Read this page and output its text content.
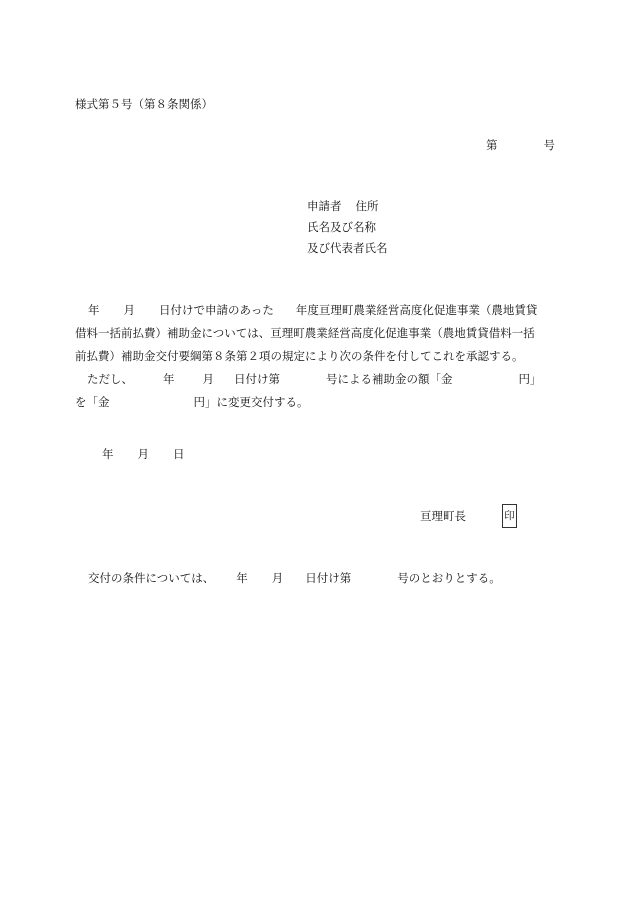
様式第５号（第８条関係）
第	号
申請者 住所
氏名及び名称
及び代表者氏名
年 月 日付けで申請のあった 年度亘理町農業経営高度化促進事業（農地賃貸
借料一括前払費）補助金については、亘理町農業経営高度化促進事業（農地賃貸借料一括
前払費）補助金交付要綱第８条第２項の規定により次の条件を付してこれを承認する。
ただし、	年 月 日付け第	号による補助金の額「金	円」
を「金	円」に変更交付する。
年 月 日
亘理町長	印
交付の条件については、 年 月 日付け第	号のとおりとする。
